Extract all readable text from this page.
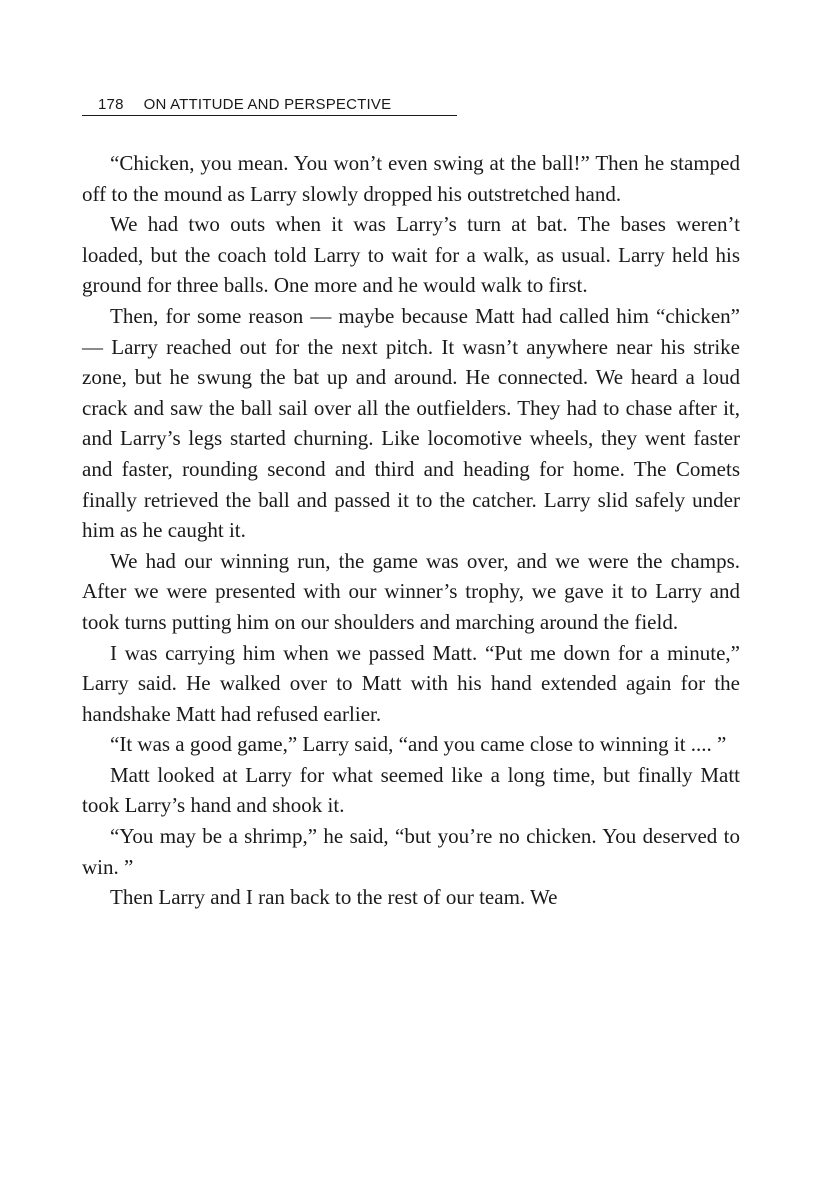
178 ON ATTITUDE AND PERSPECTIVE

“Chicken, you mean. You won’t even swing at the ball!” Then he stamped off to the mound as Larry slowly dropped his outstretched hand.

We had two outs when it was Larry’s turn at bat. The bases weren’t loaded, but the coach told Larry to wait for a walk, as usual. Larry held his ground for three balls. One more and he would walk to first.

Then, for some reason — maybe because Matt had called him “chicken” — Larry reached out for the next pitch. It wasn’t anywhere near his strike zone, but he swung the bat up and around. He connected. We heard a loud crack and saw the ball sail over all the outfielders. They had to chase after it, and Larry’s legs started churning. Like locomotive wheels, they went faster and faster, rounding second and third and heading for home. The Comets finally retrieved the ball and passed it to the catcher. Larry slid safely under him as he caught it.

We had our winning run, the game was over, and we were the champs. After we were presented with our winner’s trophy, we gave it to Larry and took turns putting him on our shoulders and marching around the field.

I was carrying him when we passed Matt. “Put me down for a minute,” Larry said. He walked over to Matt with his hand extended again for the handshake Matt had refused earlier.

“It was a good game,” Larry said, “and you came close to winning it .... ”

Matt looked at Larry for what seemed like a long time, but finally Matt took Larry’s hand and shook it.

“You may be a shrimp,” he said, “but you’re no chicken. You deserved to win. ”

Then Larry and I ran back to the rest of our team. We
